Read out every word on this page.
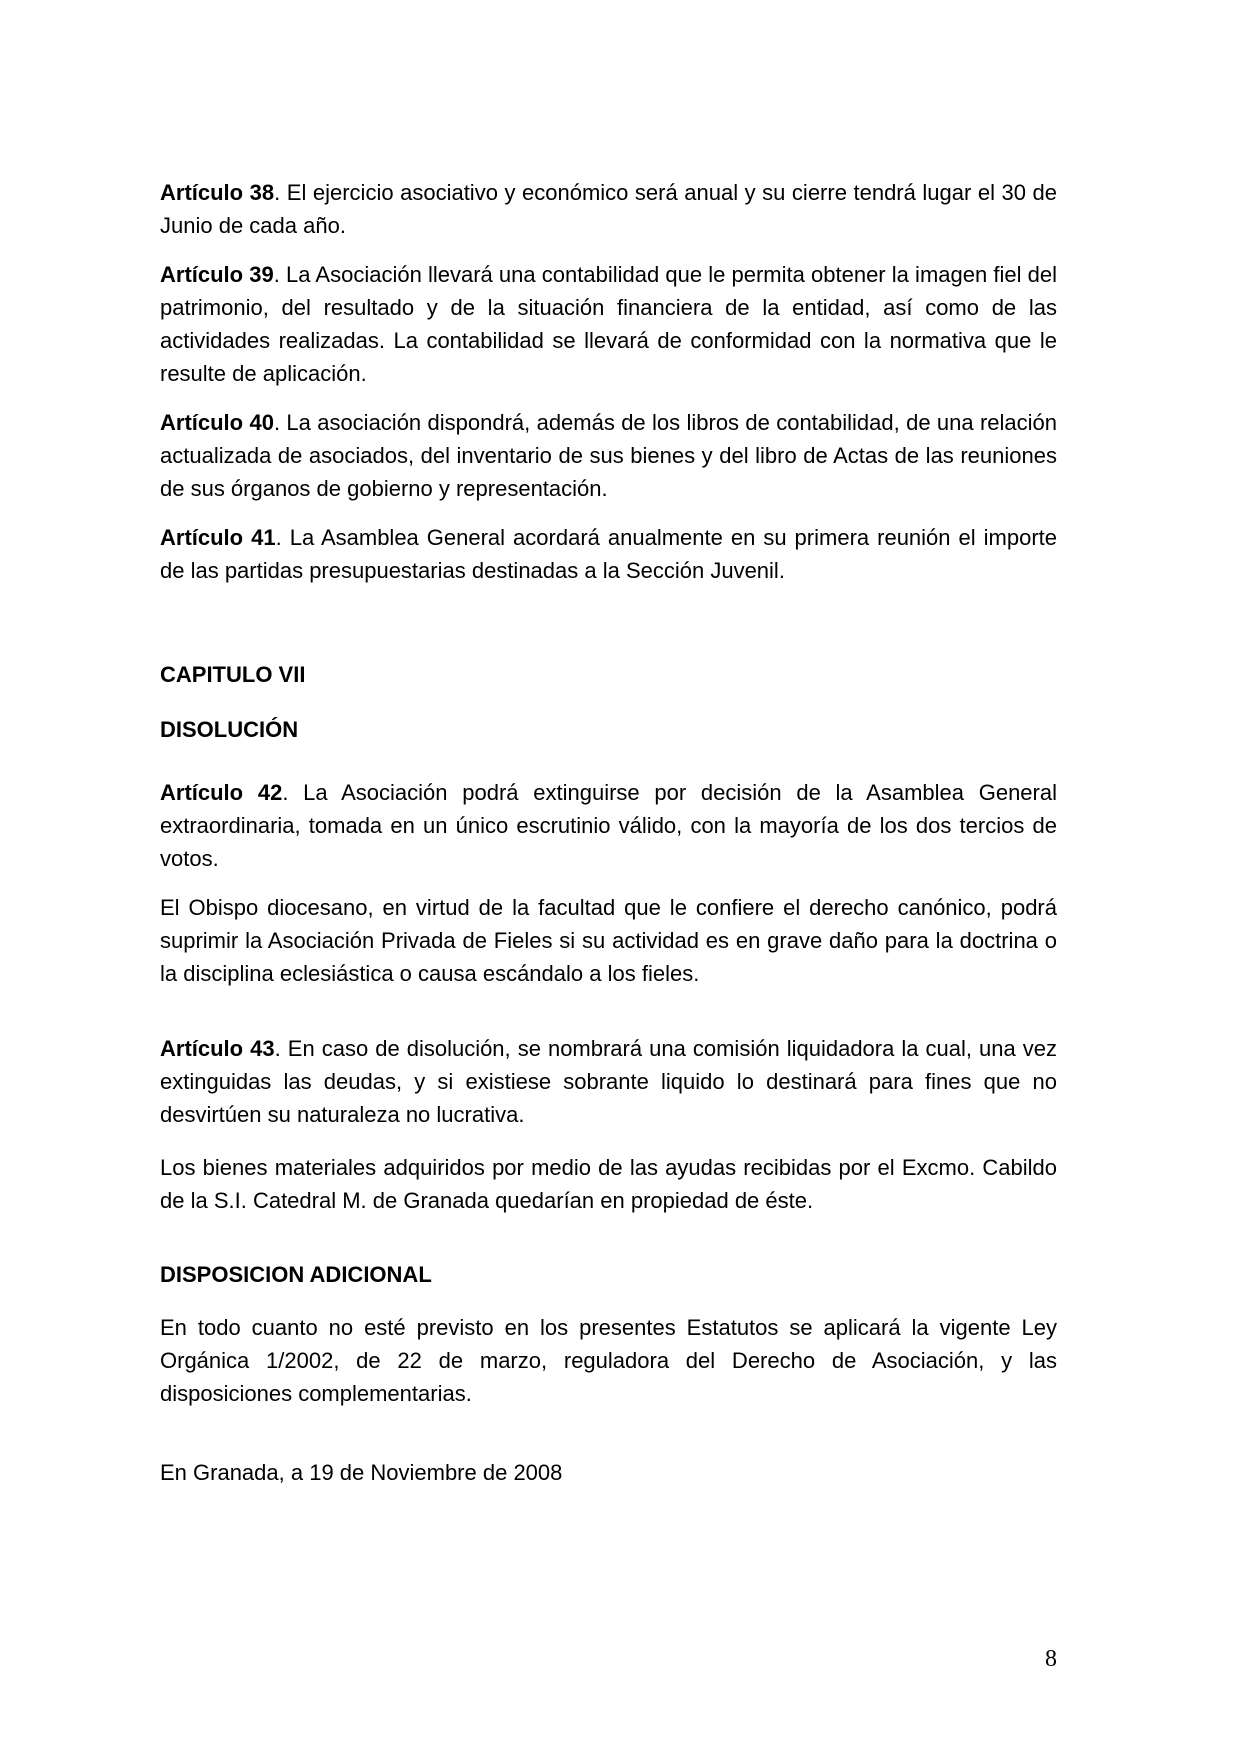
Artículo 38. El ejercicio asociativo y económico será anual y su cierre tendrá lugar el 30 de Junio de cada año.

Artículo 39. La Asociación llevará una contabilidad que le permita obtener la imagen fiel del patrimonio, del resultado y de la situación financiera de la entidad, así como de las actividades realizadas. La contabilidad se llevará de conformidad con la normativa que le resulte de aplicación.

Artículo 40. La asociación dispondrá, además de los libros de contabilidad, de una relación actualizada de asociados, del inventario de sus bienes y del libro de Actas de las reuniones de sus órganos de gobierno y representación.

Artículo 41. La Asamblea General acordará anualmente en su primera reunión el importe de las partidas presupuestarias destinadas a la Sección Juvenil.

CAPITULO VII

DISOLUCIÓN

Artículo 42. La Asociación podrá extinguirse por decisión de la Asamblea General extraordinaria, tomada en un único escrutinio válido, con la mayoría de los dos tercios de votos.

El Obispo diocesano, en virtud de la facultad que le confiere el derecho canónico, podrá suprimir la Asociación Privada de Fieles si su actividad es en grave daño para la doctrina o la disciplina eclesiástica o causa escándalo a los fieles.

Artículo 43. En caso de disolución, se nombrará una comisión liquidadora la cual, una vez extinguidas las deudas, y si existiese sobrante liquido lo destinará para fines que no desvirtúen su naturaleza no lucrativa.

Los bienes materiales adquiridos por medio de las ayudas recibidas por el Excmo. Cabildo de la S.I. Catedral M. de Granada quedarían en propiedad de éste.

DISPOSICION ADICIONAL

En todo cuanto no esté previsto en los presentes Estatutos se aplicará la vigente Ley Orgánica 1/2002, de 22 de marzo, reguladora del Derecho de Asociación, y las disposiciones complementarias.

En Granada, a 19 de Noviembre de 2008

8
